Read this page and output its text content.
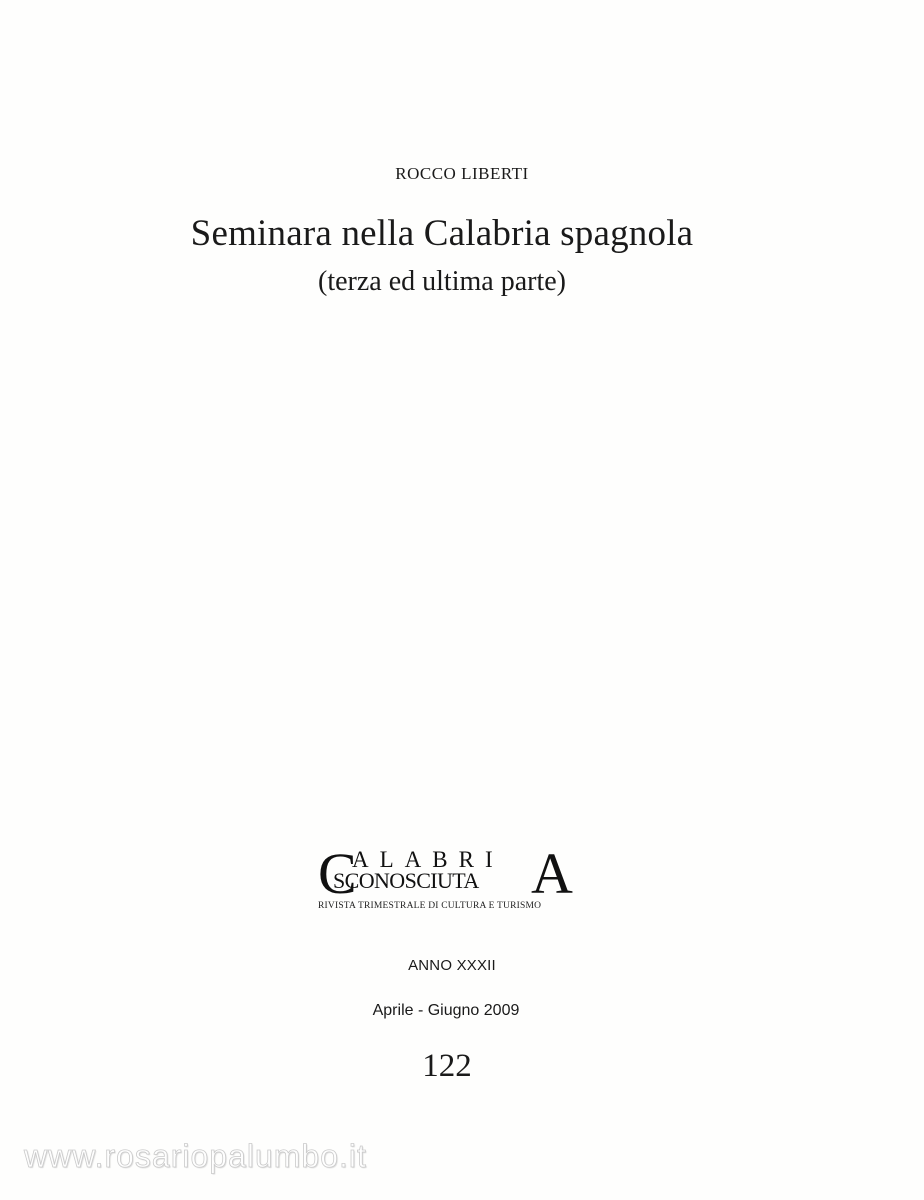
ROCCO LIBERTI
Seminara nella Calabria spagnola
(terza ed ultima parte)
C
ALABRI
SCONOSCIUTA A
RIVISTA TRIMESTRALE DI CULTURA E TURISMO
ANNO XXXII
Aprile - Giugno 2009
122
www.rosariopalumbo.it
